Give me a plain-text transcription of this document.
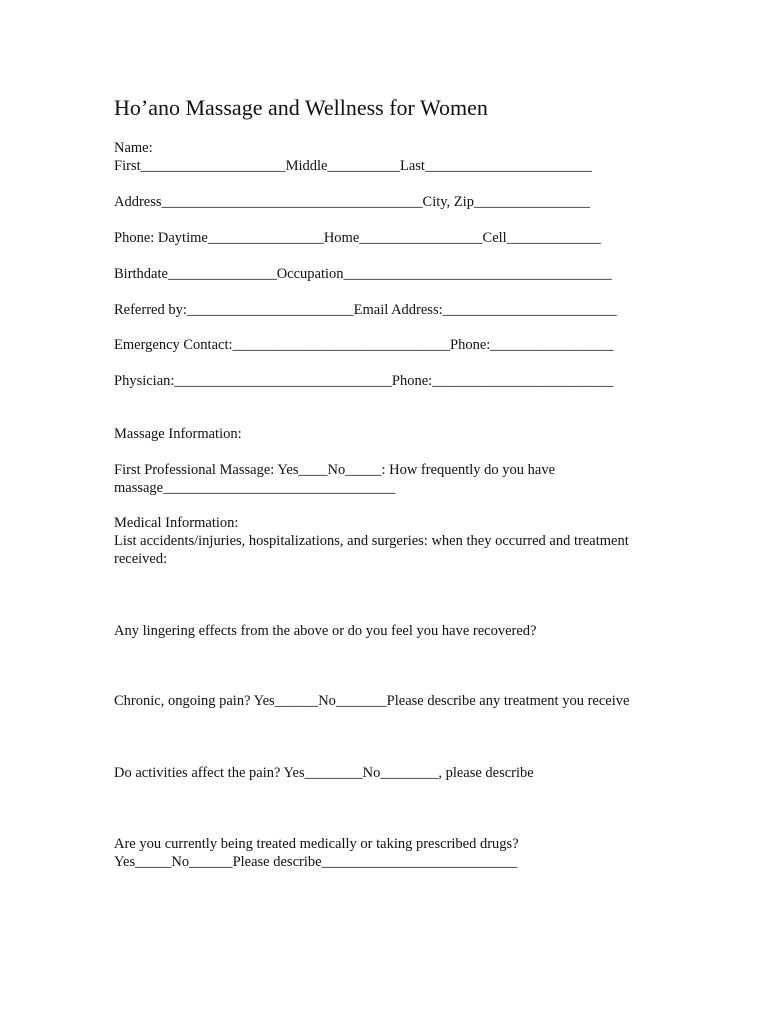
Ho’ano Massage and Wellness for Women
Name:
First____________________Middle__________Last_______________________
Address____________________________________City, Zip________________
Phone: Daytime________________Home_________________Cell_____________
Birthdate_______________Occupation_____________________________________
Referred by:_______________________Email Address:________________________
Emergency Contact:______________________________Phone:_________________
Physician:______________________________Phone:_________________________
Massage Information:
First Professional Massage: Yes____No_____: How frequently do you have
massage________________________________
Medical Information:
List accidents/injuries, hospitalizations, and surgeries: when they occurred and treatment
received:
Any lingering effects from the above or do you feel you have recovered?
Chronic, ongoing pain? Yes______No_______Please describe any treatment you receive
Do activities affect the pain? Yes________No________, please describe
Are you currently being treated medically or taking prescribed drugs?
Yes_____No______Please describe___________________________
